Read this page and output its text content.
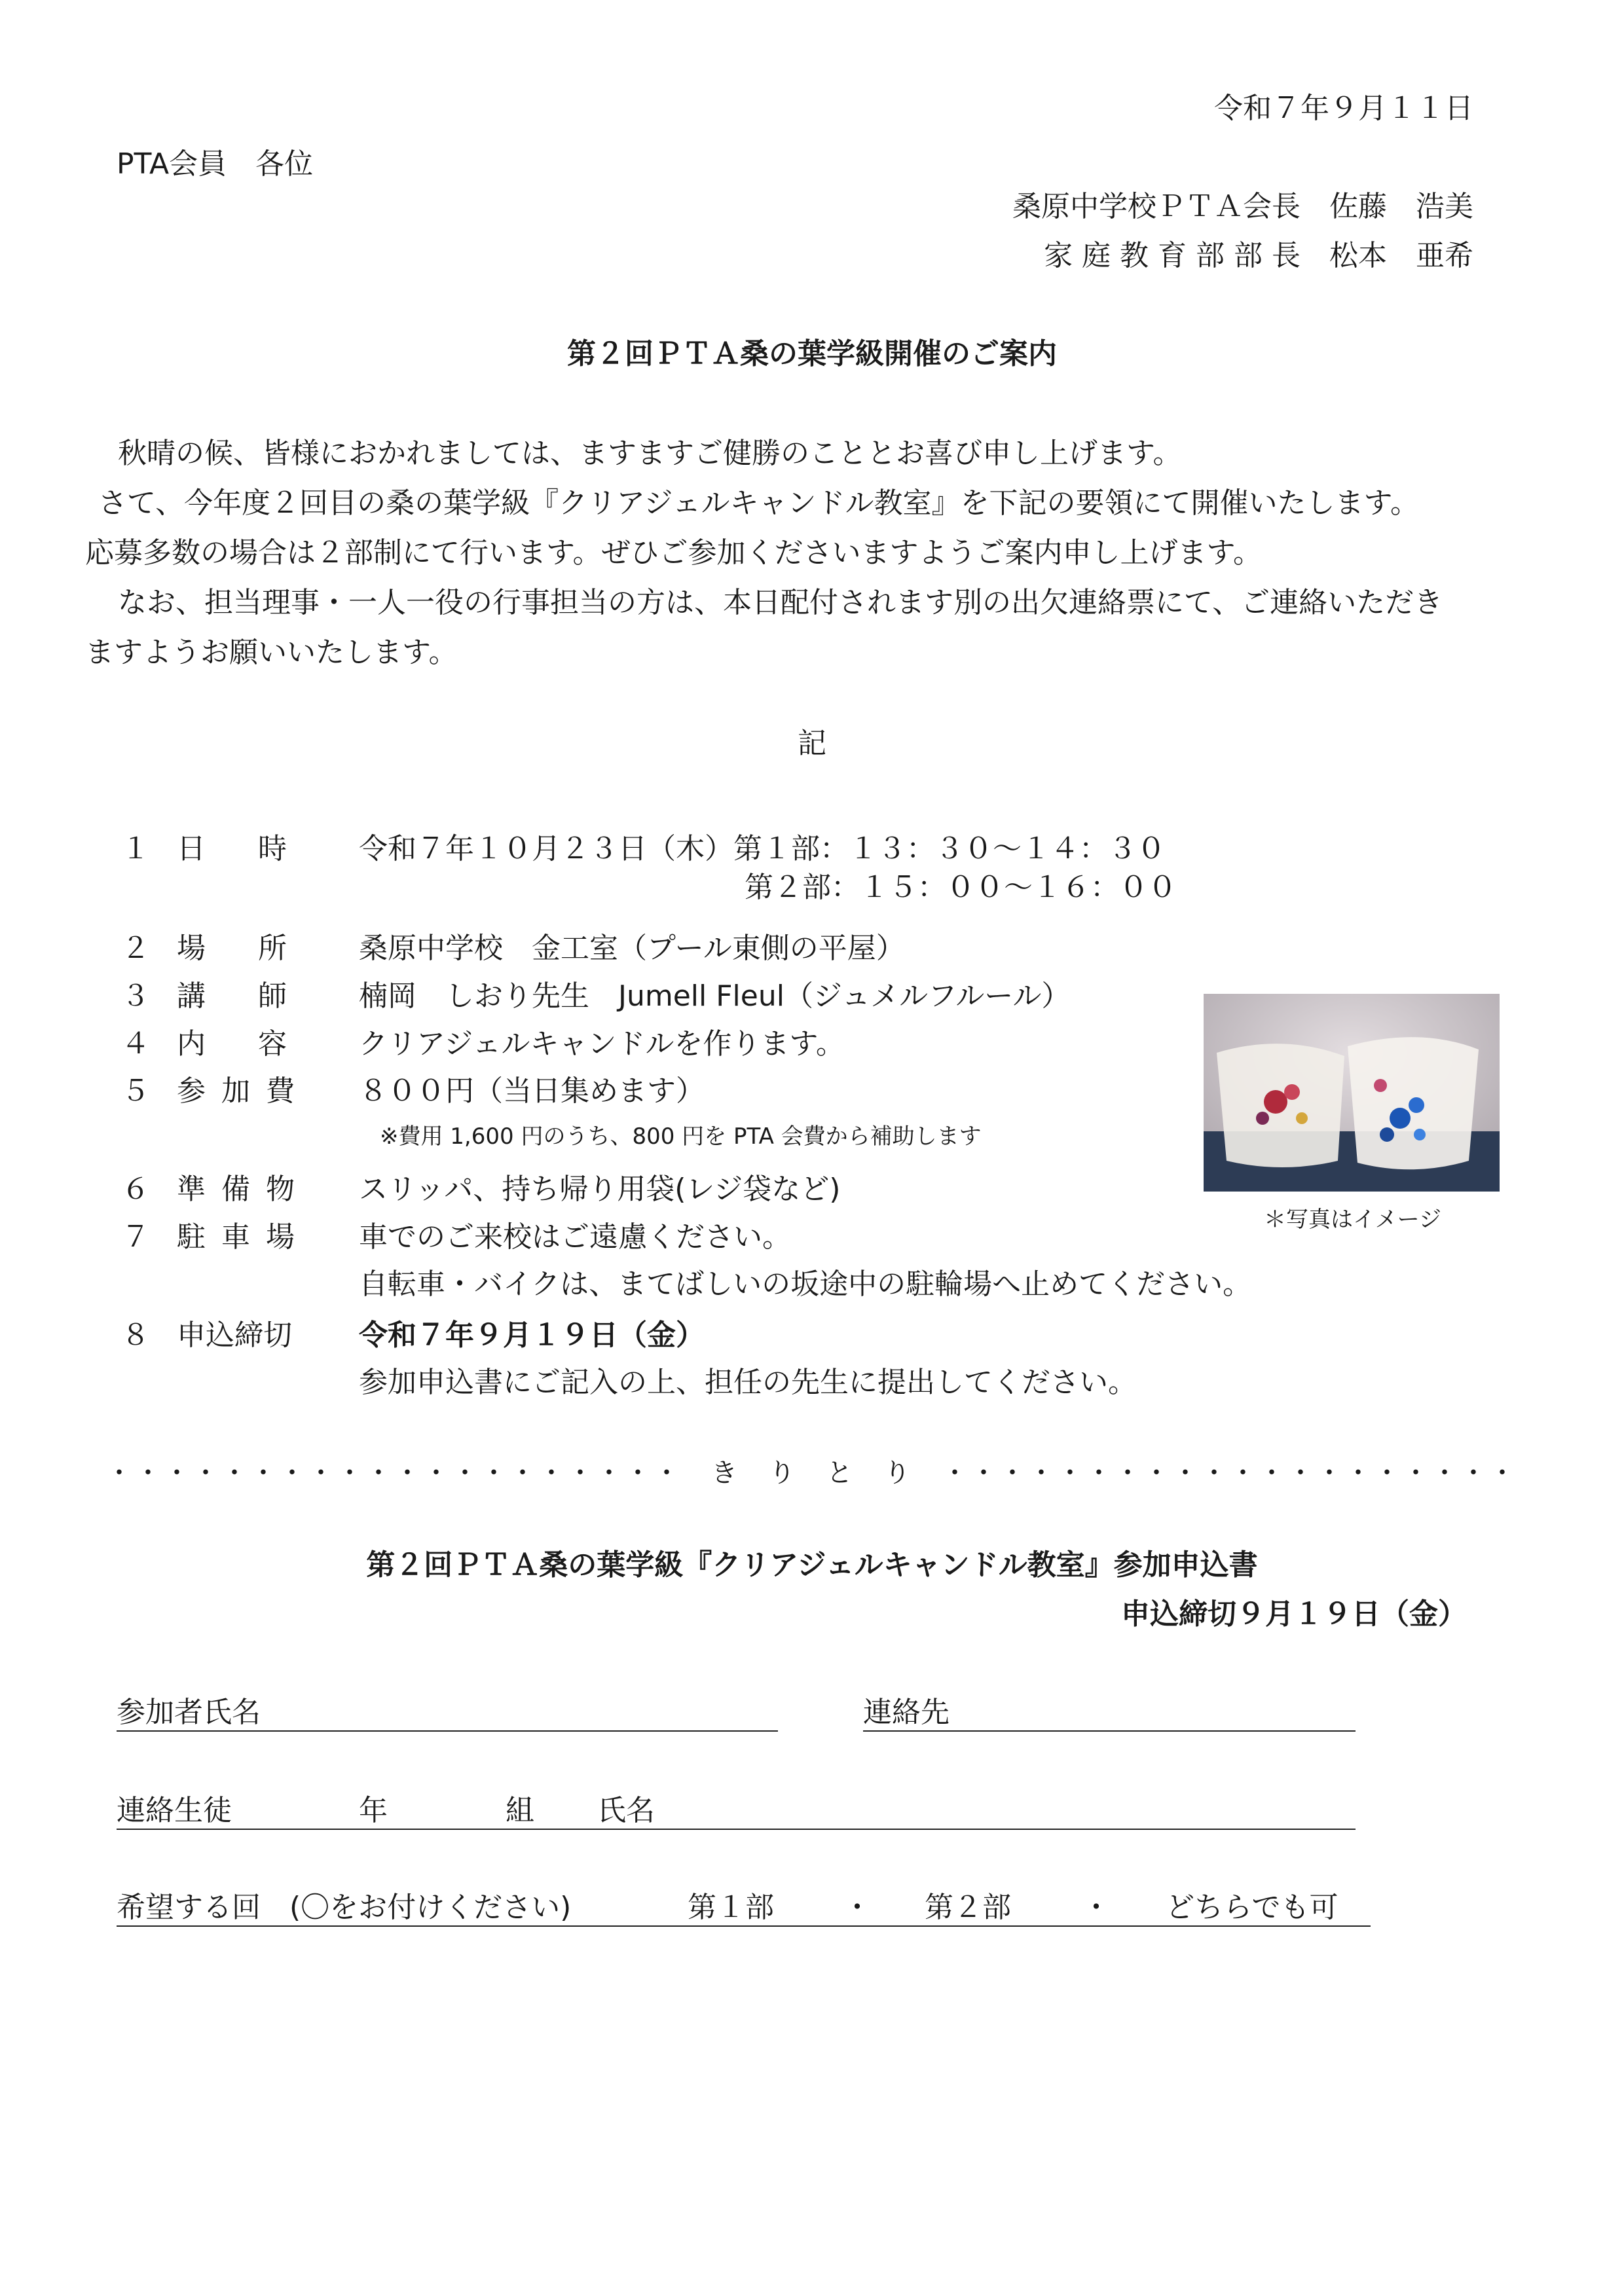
令和７年９月１１日
PTA会員　各位
桑原中学校ＰＴＡ会長　佐藤　浩美
家 庭 教 育 部 部 長　松本　亜希
第２回ＰＴＡ桑の葉学級開催のご案内

秋晴の候、皆様におかれましては、ますますご健勝のこととお喜び申し上げます。

さて、今年度２回目の桑の葉学級『クリアジェルキャンドル教室』を下記の要領にて開催いたします。

応募多数の場合は２部制にて行います。ぜひご参加くださいますようご案内申し上げます。

なお、担当理事・一人一役の行事担当の方は、本日配付されます別の出欠連絡票にて、ご連絡いただき

ますようお願いいたします。

記
１ 日時 令和７年１０月２３日（木）第１部：１３：３０～１４：３０
第２部：１５：００～１６：００
２ 場所 桑原中学校　金工室（プール東側の平屋）
３ 講師 楠岡　しおり先生　Jumell Fleul（ジュメルフルール）
４ 内容 クリアジェルキャンドルを作ります。
５ 参加費 ８００円（当日集めます）
※費用 1,600 円のうち、800 円を PTA 会費から補助します
６ 準備物 スリッパ、持ち帰り用袋(レジ袋など)
７ 駐車場 車でのご来校はご遠慮ください。
自転車・バイクは、まてばしいの坂途中の駐輪場へ止めてください。
８ 申込締切 令和７年９月１９日（金）
参加申込書にご記入の上、担任の先生に提出してください。
＊写真はイメージ
・・・・・・・・・・・・・・・・・・・・　き　り　と　り　・・・・・・・・・・・・・・・・・・・・
第２回ＰＴＡ桑の葉学級『クリアジェルキャンドル教室』参加申込書
申込締切９月１９日（金）
参加者氏名	連絡先
連絡生徒	年	組 氏名
希望する回　(〇をお付けください)	第１部 ・ 第２部 ・ どちらでも可
